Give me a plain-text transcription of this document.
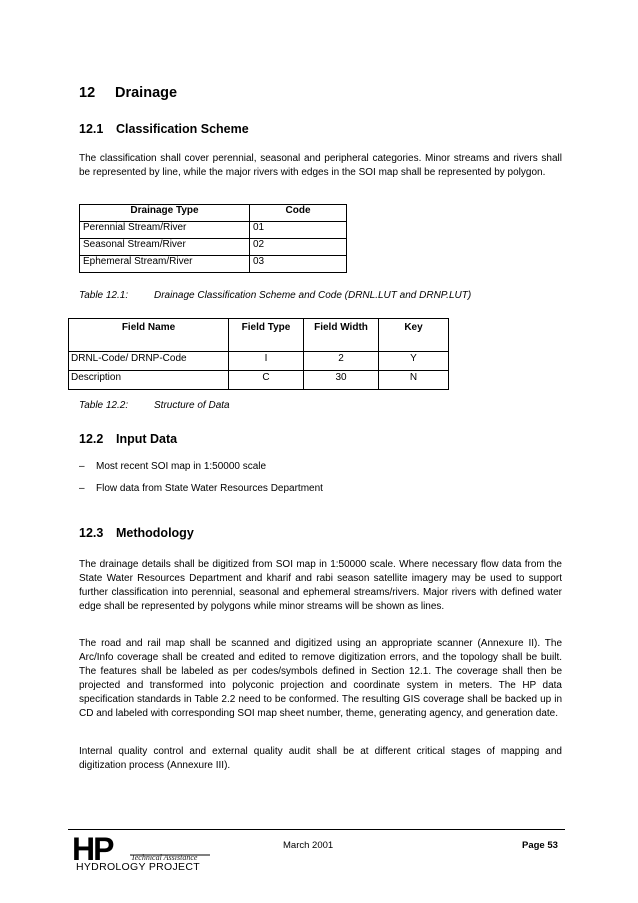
12 Drainage
12.1 Classification Scheme
The classification shall cover perennial, seasonal and peripheral categories. Minor streams and rivers shall be represented by line, while the major rivers with edges in the SOI map shall be represented by polygon.
Drainage Type	Code
Perennial Stream/River	01
Seasonal Stream/River	02
Ephemeral Stream/River	03
Table 12.1:	Drainage Classification Scheme and Code (DRNL.LUT and DRNP.LUT)
Field Name	Field Type	Field Width	Key
DRNL-Code/ DRNP-Code	I	2	Y
Description	C	30	N
Table 12.2:	Structure of Data
12.2 Input Data
– Most recent SOI map in 1:50000 scale
– Flow data from State Water Resources Department
12.3 Methodology
The drainage details shall be digitized from SOI map in 1:50000 scale. Where necessary flow data from the State Water Resources Department and kharif and rabi season satellite imagery may be used to support further classification into perennial, seasonal and ephemeral streams/rivers. Major rivers with defined water edge shall be represented by polygons while minor streams will be shown as lines.
The road and rail map shall be scanned and digitized using an appropriate scanner (Annexure II). The Arc/Info coverage shall be created and edited to remove digitization errors, and the topology shall be built. The features shall be labeled as per codes/symbols defined in Section 12.1. The coverage shall then be projected and transformed into polyconic projection and coordinate system in meters. The HP data specification standards in Table 2.2 need to be conformed. The resulting GIS coverage shall be backed up in CD and labeled with corresponding SOI map sheet number, theme, generating agency, and generation date.
Internal quality control and external quality audit shall be at different critical stages of mapping and digitization process (Annexure III).
HP Technical Assistance
HYDROLOGY PROJECT
March 2001	Page 53
